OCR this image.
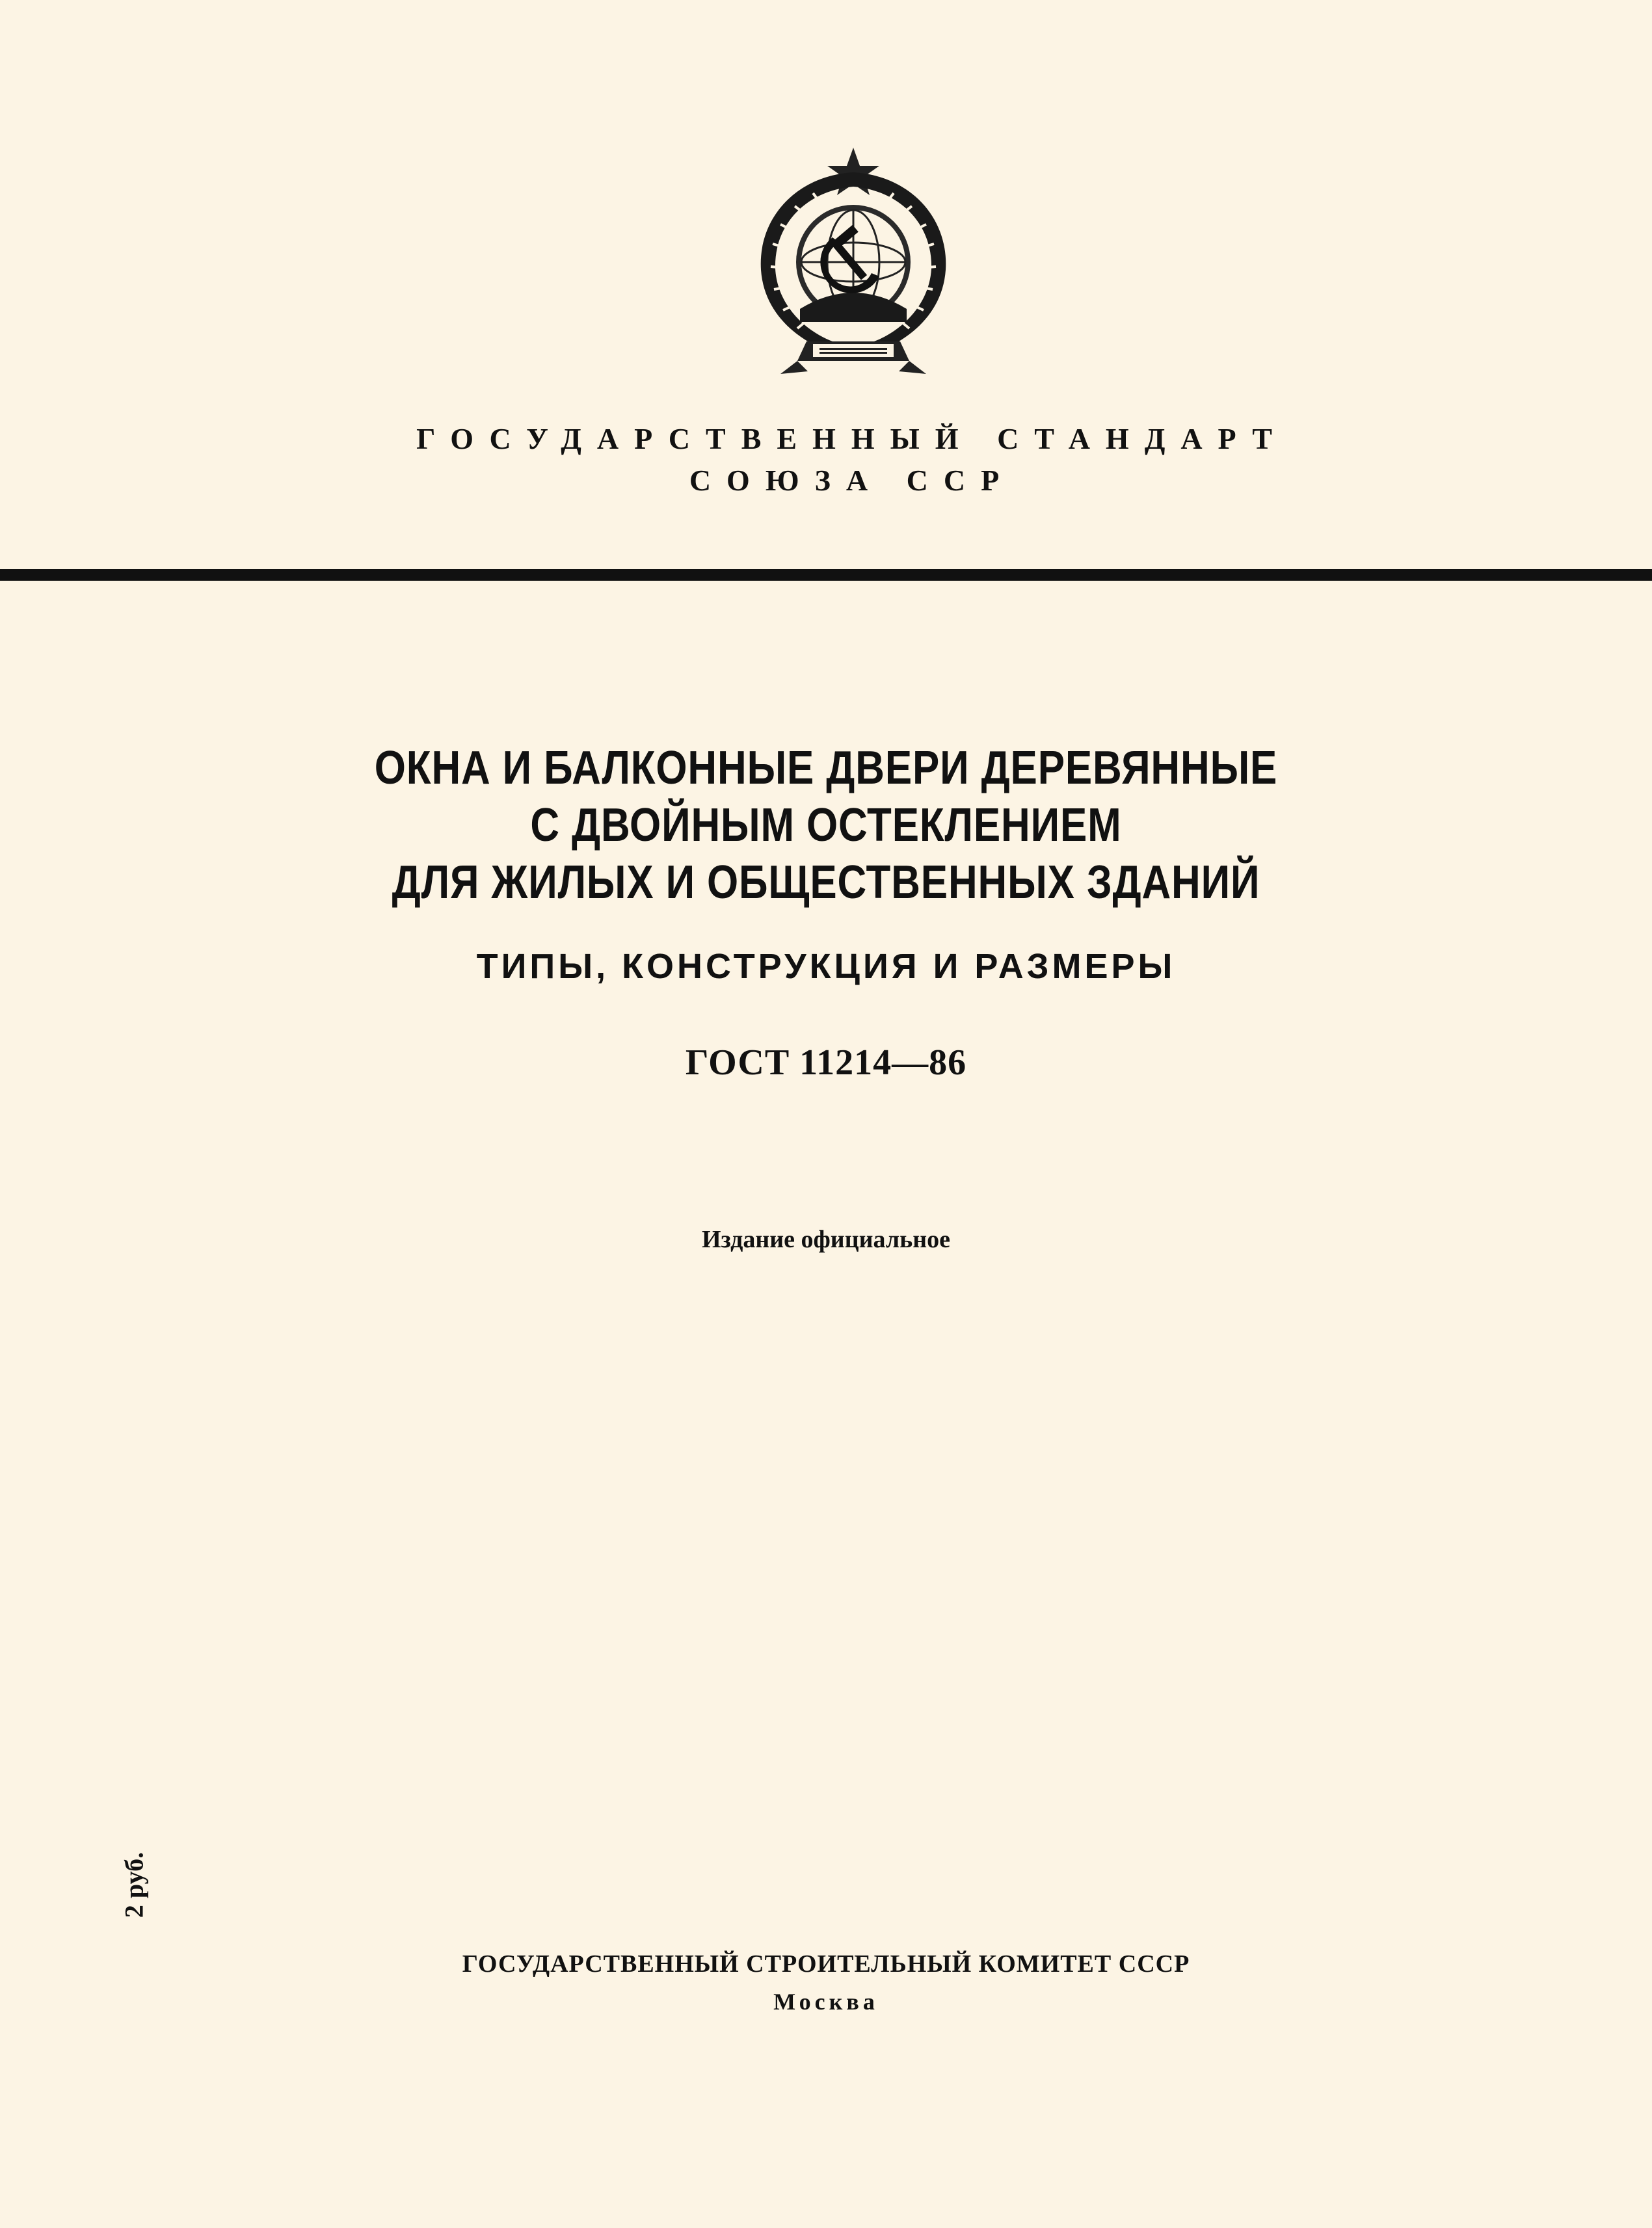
ГОСУДАРСТВЕННЫЙ СТАНДАРТ
СОЮЗА ССР
ОКНА И БАЛКОННЫЕ ДВЕРИ ДЕРЕВЯННЫЕ
С ДВОЙНЫМ ОСТЕКЛЕНИЕМ
ДЛЯ ЖИЛЫХ И ОБЩЕСТВЕННЫХ ЗДАНИЙ
ТИПЫ, КОНСТРУКЦИЯ И РАЗМЕРЫ
ГОСТ 11214—86
Издание официальное
2 руб.
ГОСУДАРСТВЕННЫЙ СТРОИТЕЛЬНЫЙ КОМИТЕТ СССР
Москва
